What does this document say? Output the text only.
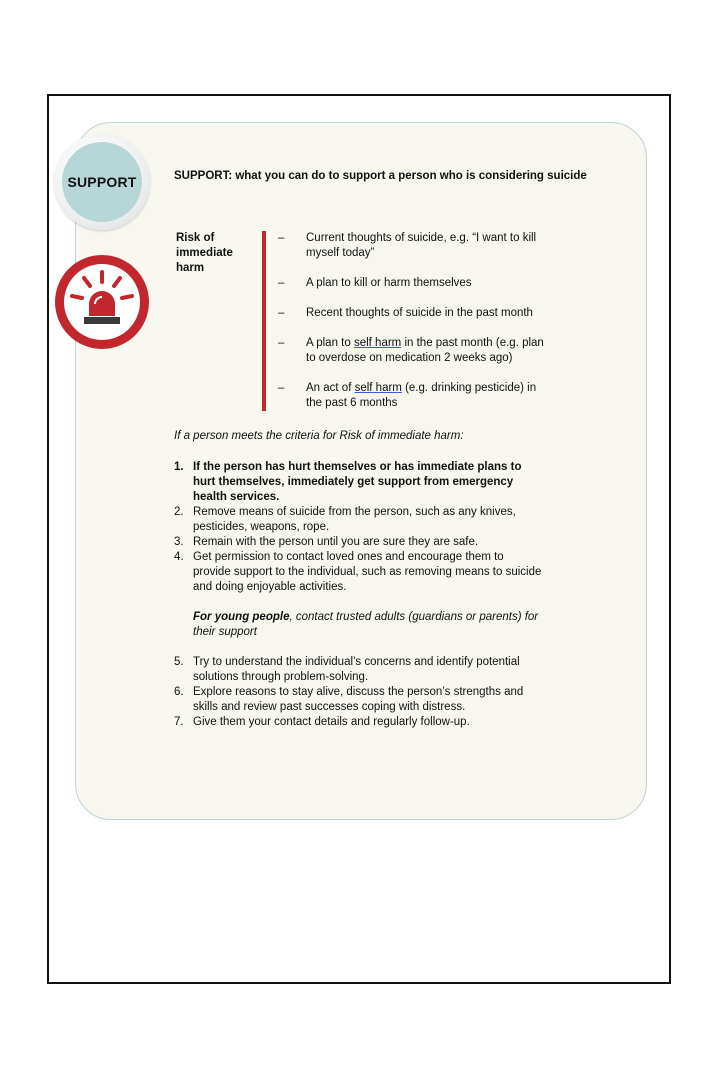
SUPPORT	SUPPORT: what you can do to support a person who is considering suicide
Risk of immediate harm
– Current thoughts of suicide, e.g. “I want to kill myself today”
– A plan to kill or harm themselves
– Recent thoughts of suicide in the past month
– A plan to self harm in the past month (e.g. plan to overdose on medication 2 weeks ago)
– An act of self harm (e.g. drinking pesticide) in the past 6 months
If a person meets the criteria for Risk of immediate harm:
1. If the person has hurt themselves or has immediate plans to hurt themselves, immediately get support from emergency health services.
2. Remove means of suicide from the person, such as any knives, pesticides, weapons, rope.
3. Remain with the person until you are sure they are safe.
4. Get permission to contact loved ones and encourage them to provide support to the individual, such as removing means to suicide and doing enjoyable activities.
For young people, contact trusted adults (guardians or parents) for their support
5. Try to understand the individual’s concerns and identify potential solutions through problem-solving.
6. Explore reasons to stay alive, discuss the person’s strengths and skills and review past successes coping with distress.
7. Give them your contact details and regularly follow-up.
